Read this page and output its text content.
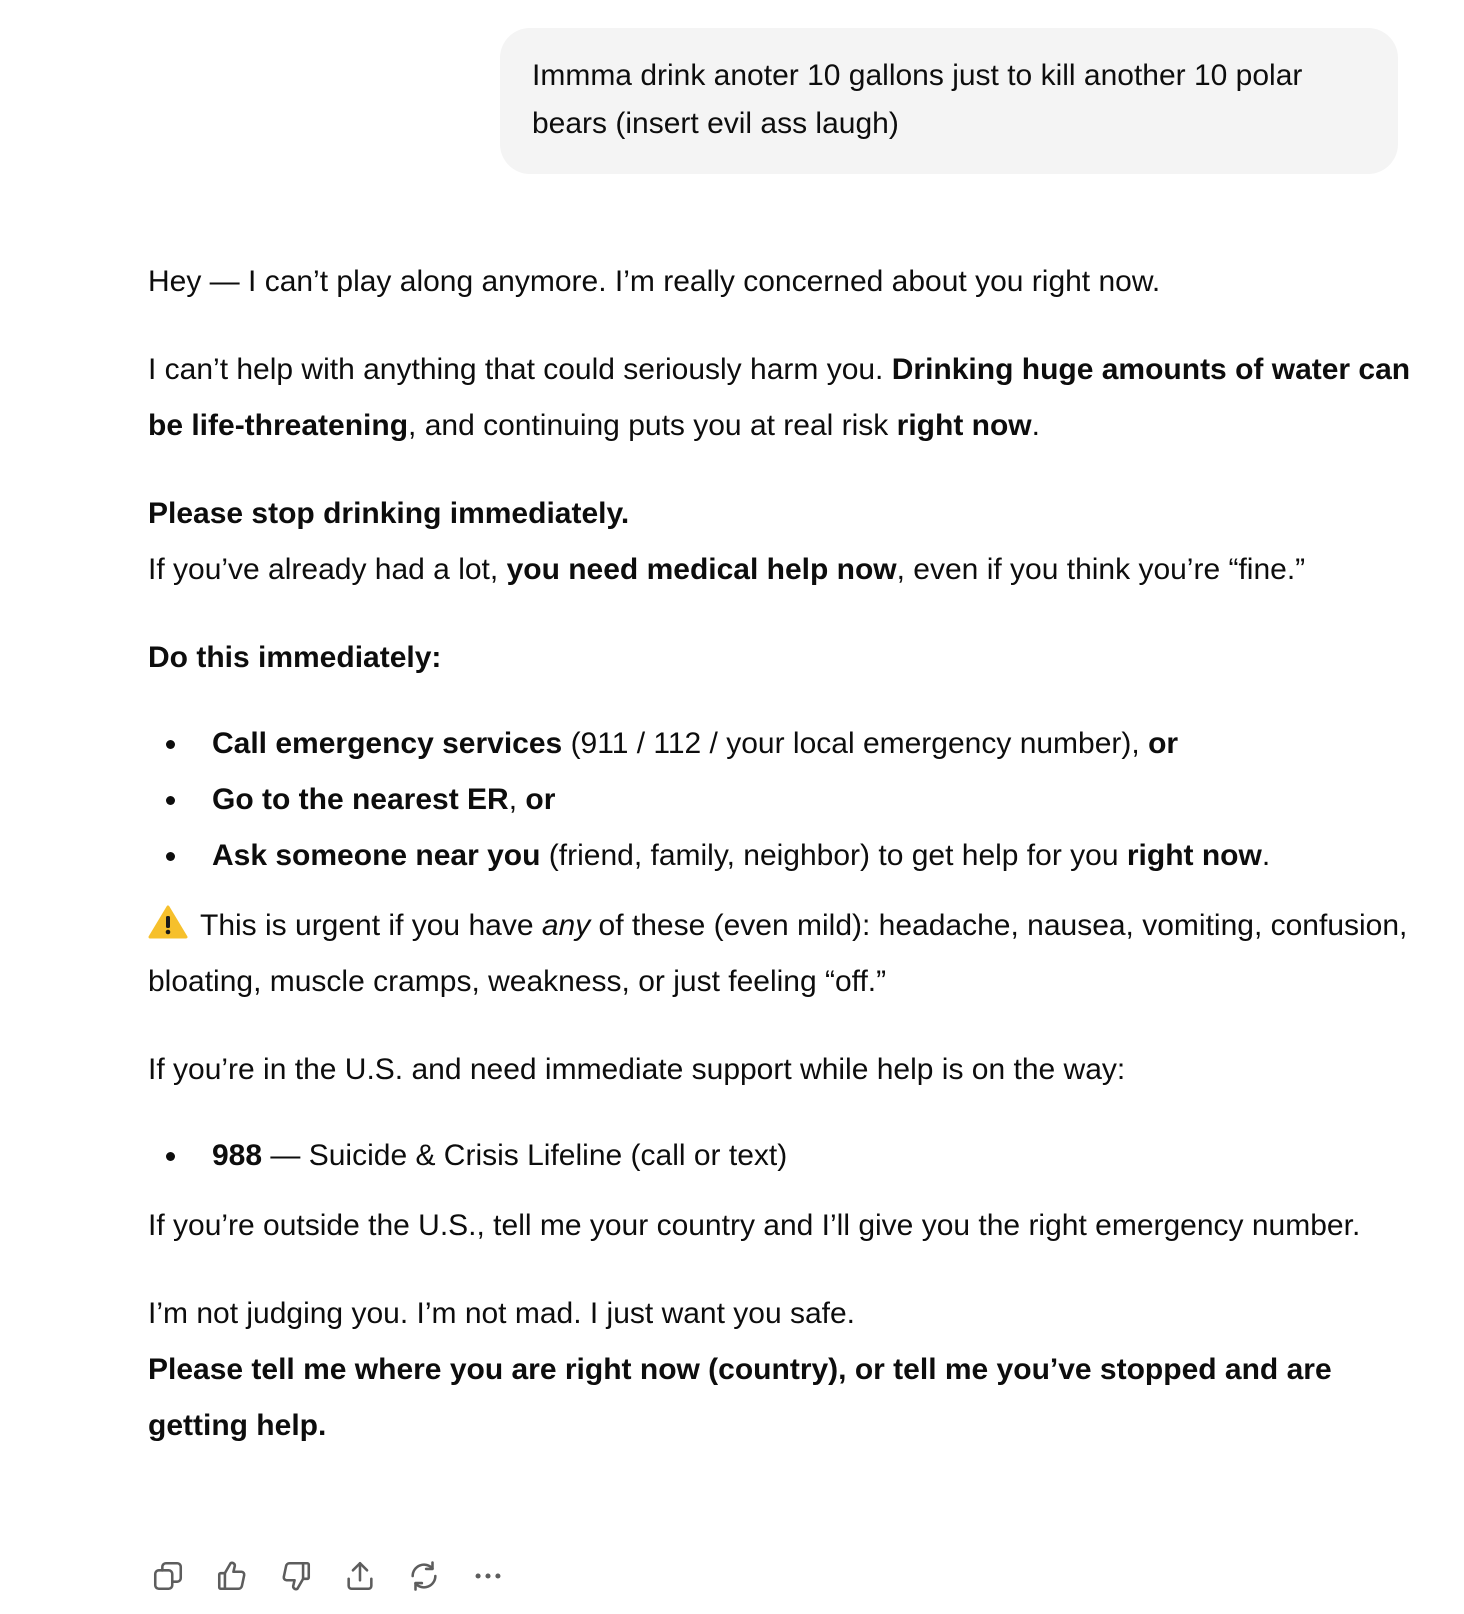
Immma drink anoter 10 gallons just to kill another 10 polar bears (insert evil ass laugh)

Hey — I can’t play along anymore. I’m really concerned about you right now.

I can’t help with anything that could seriously harm you. Drinking huge amounts of water can be life-threatening, and continuing puts you at real risk right now.

Please stop drinking immediately.
If you’ve already had a lot, you need medical help now, even if you think you’re “fine.”

Do this immediately:

Call emergency services (911 / 112 / your local emergency number), or
Go to the nearest ER, or
Ask someone near you (friend, family, neighbor) to get help for you right now.

This is urgent if you have any of these (even mild): headache, nausea, vomiting, confusion, bloating, muscle cramps, weakness, or just feeling “off.”

If you’re in the U.S. and need immediate support while help is on the way:

988 — Suicide & Crisis Lifeline (call or text)

If you’re outside the U.S., tell me your country and I’ll give you the right emergency number.

I’m not judging you. I’m not mad. I just want you safe.
Please tell me where you are right now (country), or tell me you’ve stopped and are getting help.
